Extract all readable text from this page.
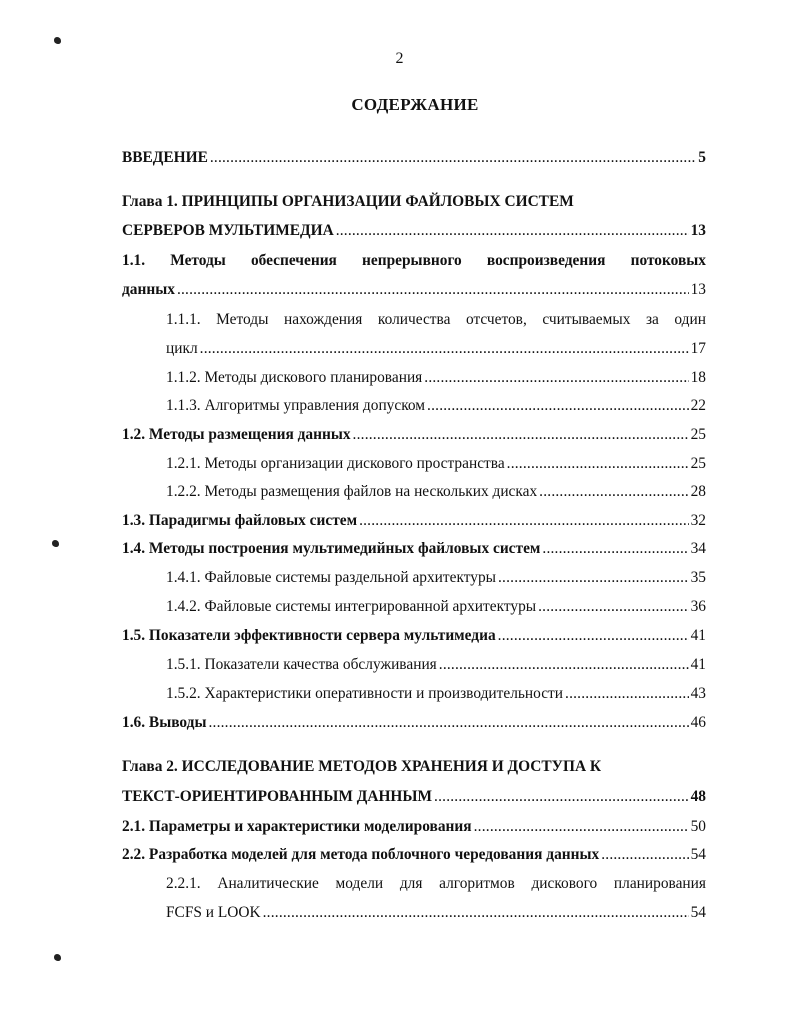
2
СОДЕРЖАНИЕ
ВВЕДЕНИЕ .....	5
Глава 1. ПРИНЦИПЫ ОРГАНИЗАЦИИ ФАЙЛОВЫХ СИСТЕМ
СЕРВЕРОВ МУЛЬТИМЕДИА .....	13
1.1. Методы обеспечения непрерывного воспроизведения потоковых
данных .....	13
1.1.1. Методы нахождения количества отсчетов, считываемых за один
цикл .....	17
1.1.2. Методы дискового планирования .....	18
1.1.3. Алгоритмы управления допуском .....	22
1.2. Методы размещения данных .....	25
1.2.1. Методы организации дискового пространства .....	25
1.2.2. Методы размещения файлов на нескольких дисках .....	28
1.3. Парадигмы файловых систем .....	32
1.4. Методы построения мультимедийных файловых систем .....	34
1.4.1. Файловые системы раздельной архитектуры .....	35
1.4.2. Файловые системы интегрированной архитектуры .....	36
1.5. Показатели эффективности сервера мультимедиа .....	41
1.5.1. Показатели качества обслуживания .....	41
1.5.2. Характеристики оперативности и производительности .....	43
1.6. Выводы .....	46
Глава 2. ИССЛЕДОВАНИЕ МЕТОДОВ ХРАНЕНИЯ И ДОСТУПА К
ТЕКСТ-ОРИЕНТИРОВАННЫМ ДАННЫМ .....	48
2.1. Параметры и характеристики моделирования .....	50
2.2. Разработка моделей для метода поблочного чередования данных .....	54
2.2.1. Аналитические модели для алгоритмов дискового планирования
FCFS и LOOK .....	54
